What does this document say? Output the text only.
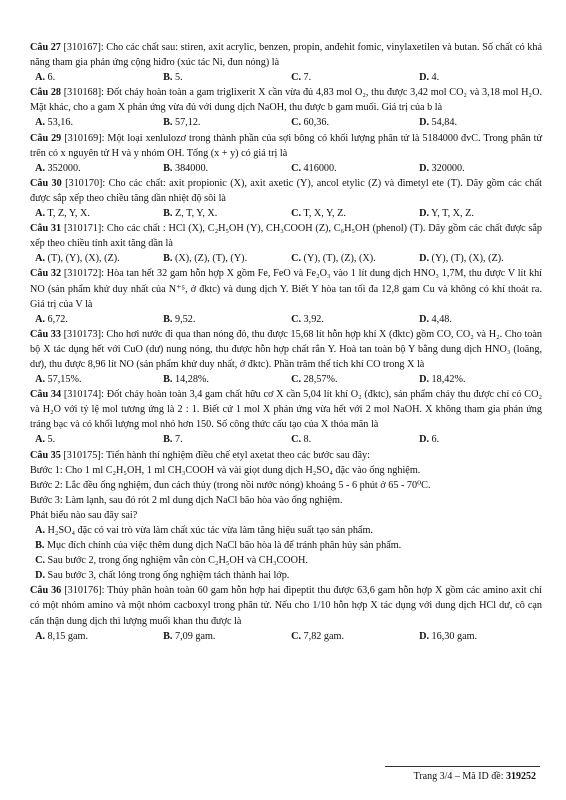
Câu 27 [310167]: Cho các chất sau: stiren, axit acrylic, benzen, propin, anđehit fomic, vinylaxetilen và butan. Số chất có khả năng tham gia phản ứng cộng hiđro (xúc tác Ni, đun nóng) là

A. 6.	B. 5.	C. 7.	D. 4.

Câu 28 [310168]: Đốt cháy hoàn toàn a gam triglixerit X cần vừa đủ 4,83 mol O₂, thu được 3,42 mol CO₂ và 3,18 mol H₂O. Mặt khác, cho a gam X phản ứng vừa đủ với dung dịch NaOH, thu được b gam muối. Giá trị của b là

A. 53,16.	B. 57,12.	C. 60,36.	D. 54,84.

Câu 29 [310169]: Một loại xenlulozơ trong thành phần của sợi bông có khối lượng phân tử là 5184000 đvC. Trong phân tử trên có x nguyên tử H và y nhóm OH. Tổng (x + y) có giá trị là

A. 352000.	B. 384000.	C. 416000.	D. 320000.

Câu 30 [310170]: Cho các chất: axit propionic (X), axit axetic (Y), ancol etylic (Z) và đimetyl ete (T). Dãy gồm các chất được sắp xếp theo chiều tăng dần nhiệt độ sôi là

A. T, Z, Y, X.	B. Z, T, Y, X.	C. T, X, Y, Z.	D. Y, T, X, Z.

Câu 31 [310171]: Cho các chất : HCl (X), C₂H₅OH (Y), CH₃COOH (Z), C₆H₅OH (phenol) (T). Dãy gồm các chất được sắp xếp theo chiều tính axit tăng dần là

A. (T), (Y), (X), (Z).	B. (X), (Z), (T), (Y).	C. (Y), (T), (Z), (X).	D. (Y), (T), (X), (Z).

Câu 32 [310172]: Hòa tan hết 32 gam hỗn hợp X gồm Fe, FeO và Fe₂O₃ vào 1 lít dung dịch HNO₃ 1,7M, thu được V lít khí NO (sản phẩm khử duy nhất của N⁺⁵, ở đktc) và dung dịch Y. Biết Y hòa tan tối đa 12,8 gam Cu và không có khí thoát ra. Giá trị của V là

A. 6,72.	B. 9,52.	C. 3,92.	D. 4,48.

Câu 33 [310173]: Cho hơi nước đi qua than nóng đỏ, thu được 15,68 lít hỗn hợp khí X (đktc) gồm CO, CO₂ và H₂. Cho toàn bộ X tác dụng hết với CuO (dư) nung nóng, thu được hỗn hợp chất rắn Y. Hoà tan toàn bộ Y bằng dung dịch HNO₃ (loãng, dư), thu được 8,96 lít NO (sản phẩm khử duy nhất, ở đktc). Phần trăm thể tích khí CO trong X là

A. 57,15%.	B. 14,28%.	C. 28,57%.	D. 18,42%.

Câu 34 [310174]: Đốt cháy hoàn toàn 3,4 gam chất hữu cơ X cần 5,04 lít khí O₂ (đktc), sản phẩm cháy thu được chỉ có CO₂ và H₂O với tỷ lệ mol tương ứng là 2 : 1. Biết cứ 1 mol X phản ứng vừa hết với 2 mol NaOH. X không tham gia phản ứng tráng bạc và có khối lượng mol nhỏ hơn 150. Số công thức cấu tạo của X thỏa mãn là

A. 5.	B. 7.	C. 8.	D. 6.

Câu 35 [310175]: Tiến hành thí nghiệm điều chế etyl axetat theo các bước sau đây:

Bước 1: Cho 1 ml C₂H₅OH, 1 ml CH₃COOH và vài giọt dung dịch H₂SO₄ đặc vào ống nghiệm.

Bước 2: Lắc đều ống nghiệm, đun cách thủy (trong nồi nước nóng) khoảng 5 - 6 phút ở 65 - 70⁰C.

Bước 3: Làm lạnh, sau đó rót 2 ml dung dịch NaCl bão hòa vào ống nghiệm.

Phát biểu nào sau đây sai?

A. H₂SO₄ đặc có vai trò vừa làm chất xúc tác vừa làm tăng hiệu suất tạo sản phẩm.

B. Mục đích chính của việc thêm dung dịch NaCl bão hòa là để tránh phân hủy sản phẩm.

C. Sau bước 2, trong ống nghiệm vẫn còn C₂H₅OH và CH₃COOH.

D. Sau bước 3, chất lỏng trong ống nghiệm tách thành hai lớp.

Câu 36 [310176]: Thủy phân hoàn toàn 60 gam hỗn hợp hai đipeptit thu được 63,6 gam hỗn hợp X gồm các amino axit chỉ có một nhóm amino và một nhóm cacboxyl trong phân tử. Nếu cho 1/10 hỗn hợp X tác dụng với dung dịch HCl dư, cô cạn cẩn thận dung dịch thì lượng muối khan thu được là

A. 8,15 gam.	B. 7,09 gam.	C. 7,82 gam.	D. 16,30 gam.
Trang 3/4 – Mã ID đề: 319252
